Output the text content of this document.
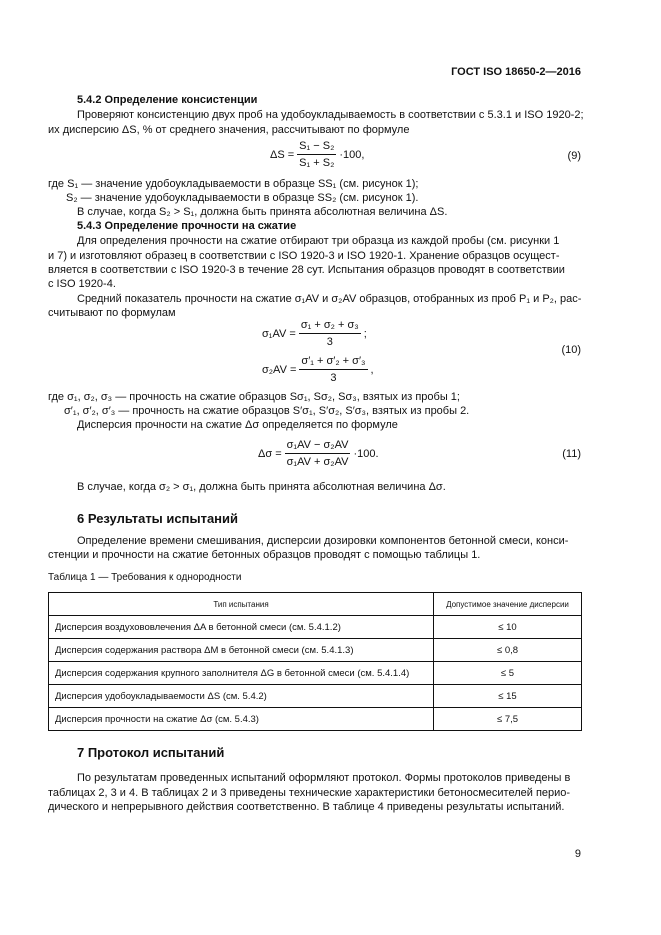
ГОСТ ISO 18650-2—2016
5.4.2 Определение консистенции
Проверяют консистенцию двух проб на удобоукладываемость в соответствии с 5.3.1 и ISO 1920-2;
их дисперсию ΔS, % от среднего значения, рассчитывают по формуле
$\Delta S = \frac{\text{S₁ − S₂}}{\text{S₁ + S₂}} \cdot 100$,	(9)
где S₁ — значение удобоукладываемости в образце SS₁ (см. рисунок 1);
S₂ — значение удобоукладываемости в образце SS₂ (см. рисунок 1).
В случае, когда S₂ > S₁, должна быть принята абсолютная величина ΔS.
5.4.3 Определение прочности на сжатие
Для определения прочности на сжатие отбирают три образца из каждой пробы (см. рисунки 1
и 7) и изготовляют образец в соответствии с ISO 1920-3 и ISO 1920-1. Хранение образцов осущест-
вляется в соответствии с ISO 1920-3 в течение 28 сут. Испытания образцов проводят в соответствии
с ISO 1920-4.
Средний показатель прочности на сжатие σ₁AV и σ₂AV образцов, отобранных из проб P₁ и P₂, рас-
считывают по формулам
$\sigma_1AV = \frac{\text{σ₁ + σ₂ + σ₃}}{3}$ ;
$\sigma_2AV = \frac{\text{σ′₁ + σ′₂ + σ′₃}}{3}$ ,
(10)
где σ₁, σ₂, σ₃ — прочность на сжатие образцов Sσ₁, Sσ₂, Sσ₃, взятых из пробы 1;
σ′₁, σ′₂, σ′₃ — прочность на сжатие образцов S′σ₁, S′σ₂, S′σ₃, взятых из пробы 2.
Дисперсия прочности на сжатие Δσ определяется по формуле
$\Delta\sigma = \frac{\text{σ₁AV − σ₂AV}}{\text{σ₁AV + σ₂AV}} \cdot 100$.	(11)
В случае, когда σ₂ > σ₁, должна быть принята абсолютная величина Δσ.
6 Результаты испытаний
Определение времени смешивания, дисперсии дозировки компонентов бетонной смеси, конси-
стенции и прочности на сжатие бетонных образцов проводят с помощью таблицы 1.
Таблица 1 — Требования к однородности
Тип испытания	Допустимое значение дисперсии
Дисперсия воздухововлечения ΔA в бетонной смеси (см. 5.4.1.2)	≤ 10
Дисперсия содержания раствора ΔM в бетонной смеси (см. 5.4.1.3)	≤ 0,8
Дисперсия содержания крупного заполнителя ΔG в бетонной смеси (см. 5.4.1.4)	≤ 5
Дисперсия удобоукладываемости ΔS (см. 5.4.2)	≤ 15
Дисперсия прочности на сжатие Δσ (см. 5.4.3)	≤ 7,5
7 Протокол испытаний
По результатам проведенных испытаний оформляют протокол. Формы протоколов приведены в
таблицах 2, 3 и 4. В таблицах 2 и 3 приведены технические характеристики бетоносмесителей перио-
дического и непрерывного действия соответственно. В таблице 4 приведены результаты испытаний.
9
